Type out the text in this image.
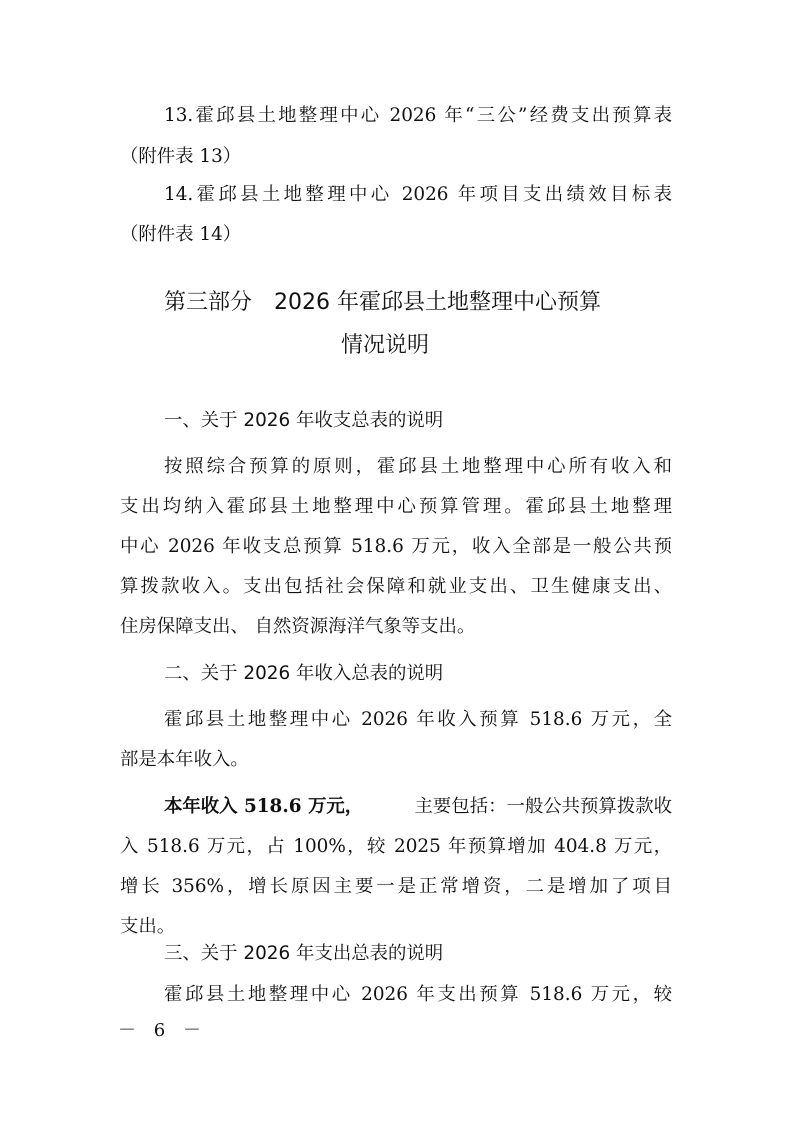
13.霍邱县土地整理中心 2026 年“三公”经费支出预算表

（附件表 13）

14.霍邱县土地整理中心 2026 年项目支出绩效目标表

（附件表 14）

第三部分　2026 年霍邱县土地整理中心预算

情况说明

一、关于 2026 年收支总表的说明

按照综合预算的原则，霍邱县土地整理中心所有收入和

支出均纳入霍邱县土地整理中心预算管理。霍邱县土地整理

中心 2026 年收支总预算 518.6 万元，收入全部是一般公共预

算拨款收入。支出包括社会保障和就业支出、卫生健康支出、

住房保障支出、 自然资源海洋气象等支出。

二、关于 2026 年收入总表的说明

霍邱县土地整理中心 2026 年收入预算 518.6 万元，全

部是本年收入。

本年收入 518.6 万元，	主要包括：一般公共预算拨款收

入 518.6 万元，占 100%，较 2025 年预算增加 404.8 万元，

增长 356%，增长原因主要一是正常增资，二是增加了项目

支出。

三、关于 2026 年支出总表的说明

霍邱县土地整理中心 2026 年支出预算 518.6 万元，较

－ 6 －
